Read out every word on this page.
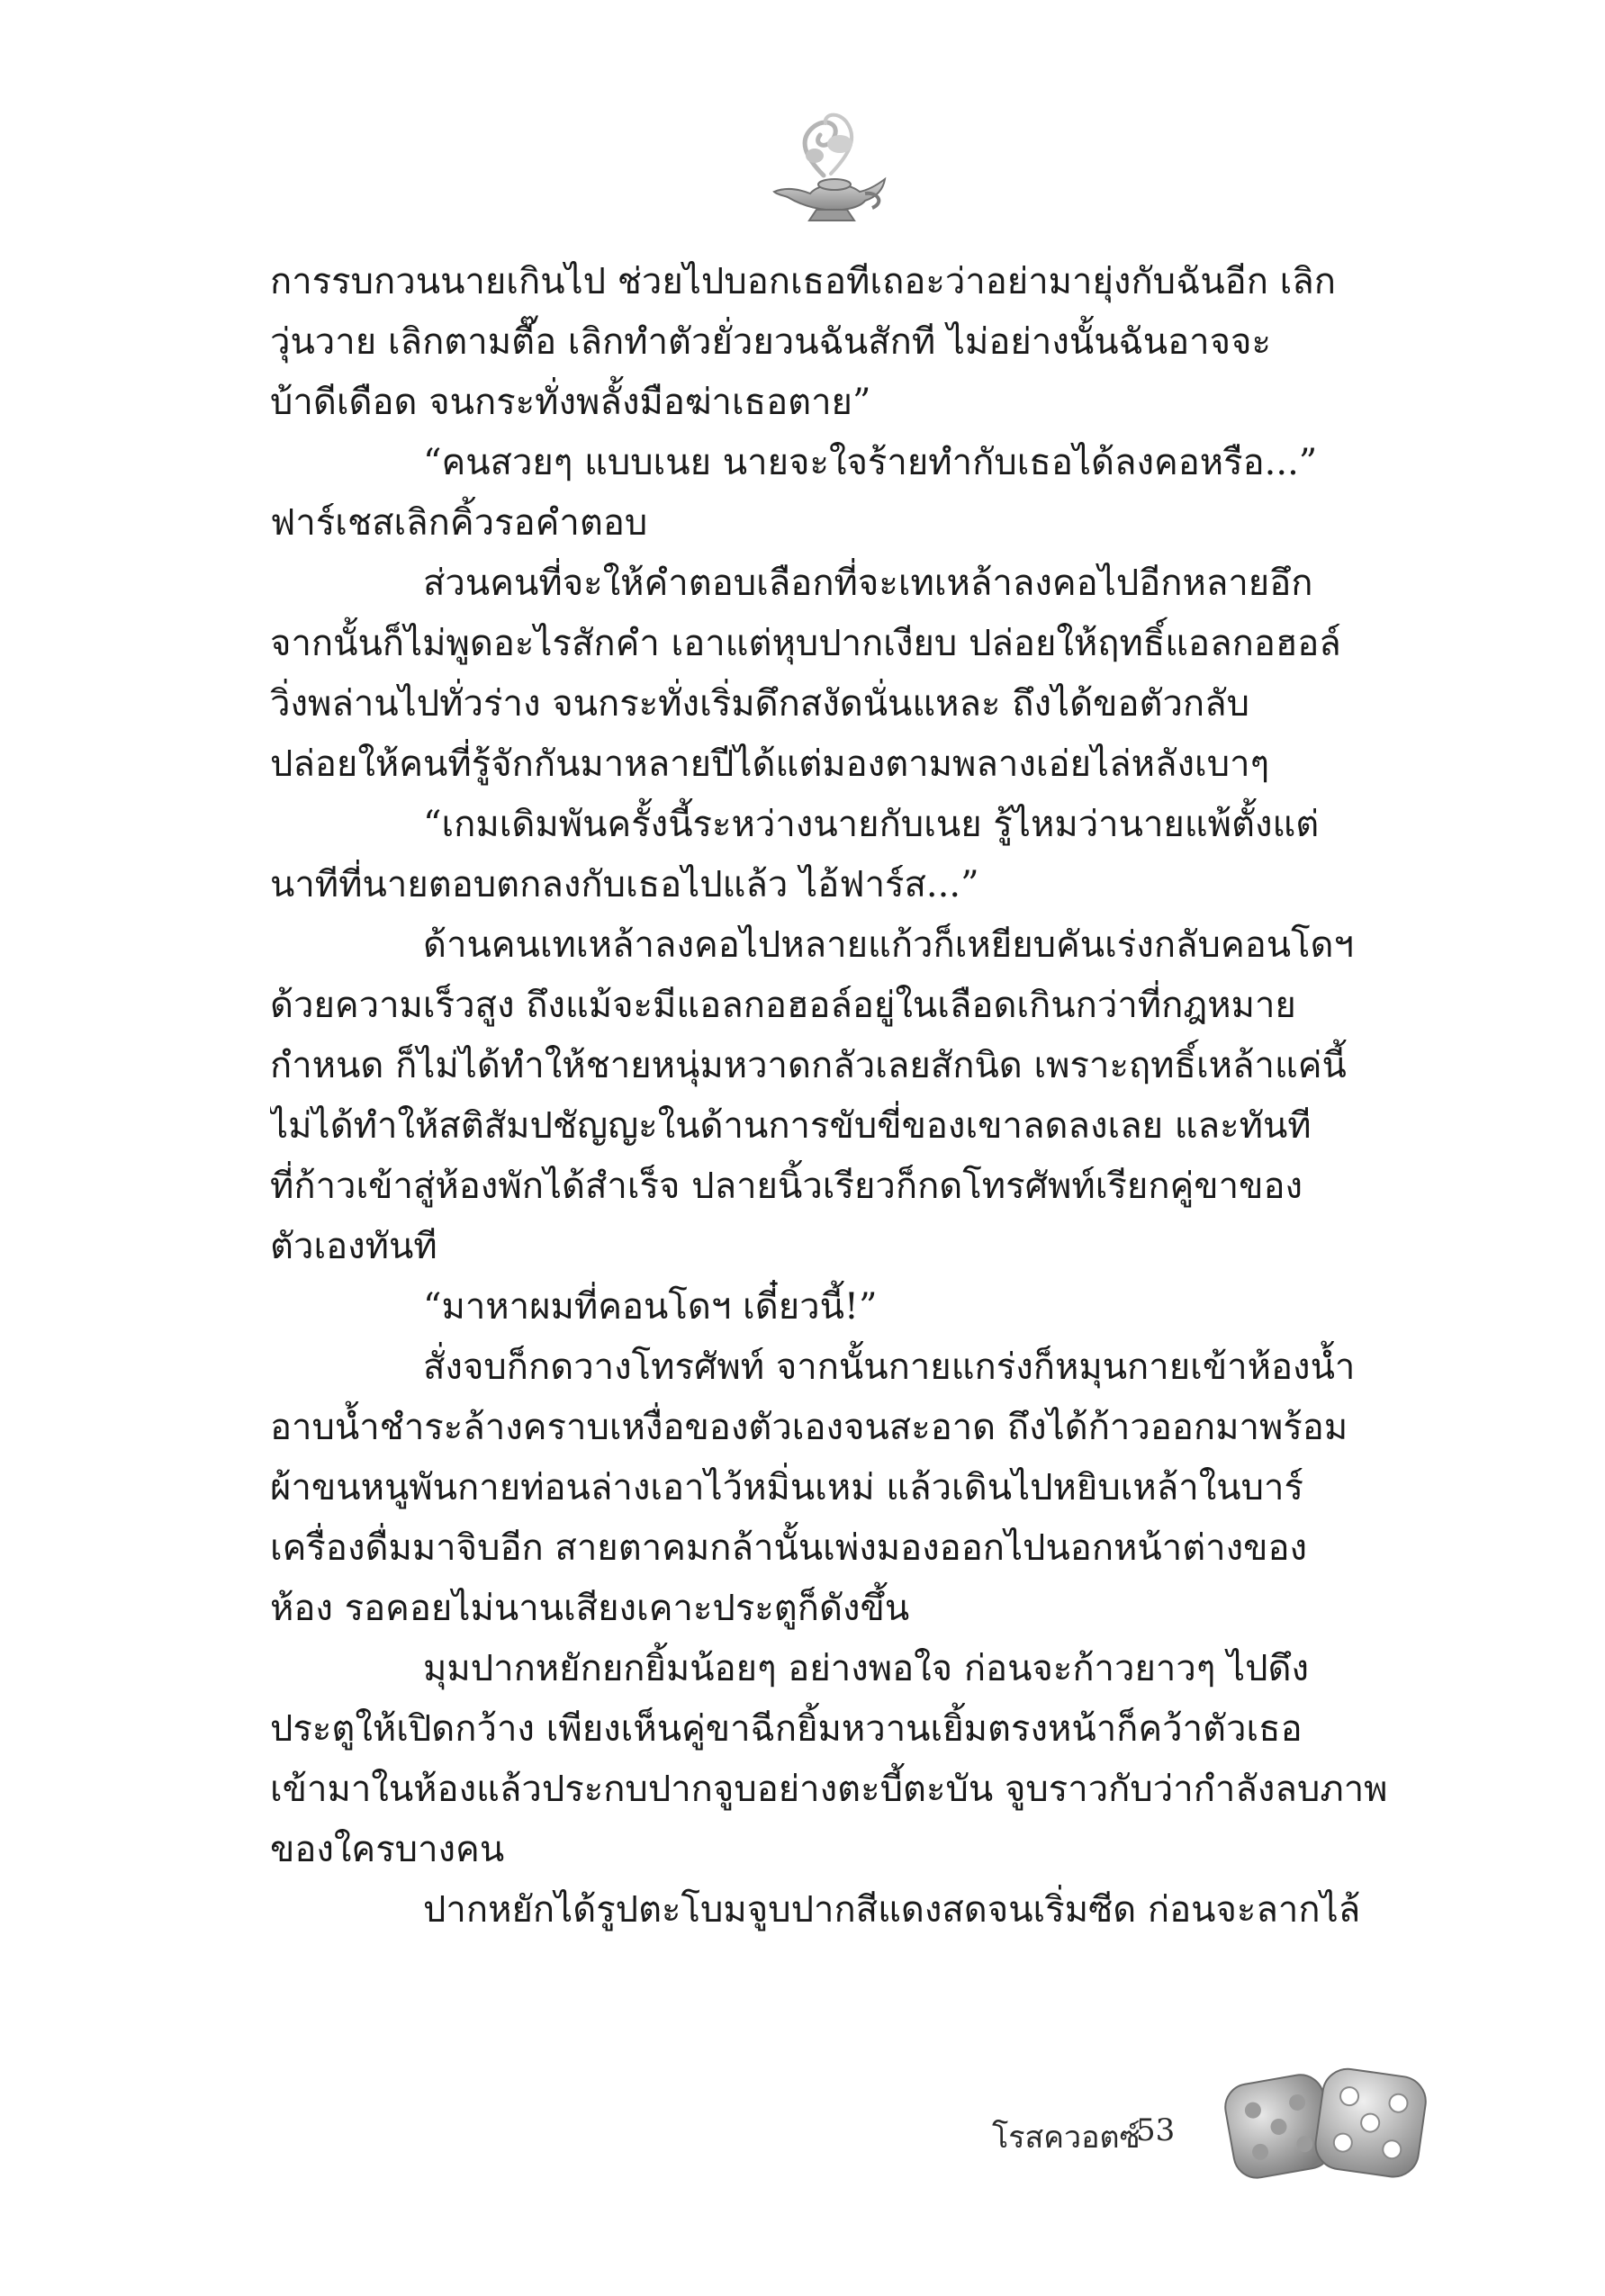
การรบกวนนายเกินไป ช่วยไปบอกเธอทีเถอะว่าอย่ามายุ่งกับฉันอีก เลิก
วุ่นวาย เลิกตามตื๊อ เลิกทำตัวยั่วยวนฉันสักที ไม่อย่างนั้นฉันอาจจะ
บ้าดีเดือด จนกระทั่งพลั้งมือฆ่าเธอตาย”
“คนสวยๆ แบบเนย นายจะใจร้ายทำกับเธอได้ลงคอหรือ...”
ฟาร์เชสเลิกคิ้วรอคำตอบ
ส่วนคนที่จะให้คำตอบเลือกที่จะเทเหล้าลงคอไปอีกหลายอึก
จากนั้นก็ไม่พูดอะไรสักคำ เอาแต่หุบปากเงียบ ปล่อยให้ฤทธิ์แอลกอฮอล์
วิ่งพล่านไปทั่วร่าง จนกระทั่งเริ่มดึกสงัดนั่นแหละ ถึงได้ขอตัวกลับ
ปล่อยให้คนที่รู้จักกันมาหลายปีได้แต่มองตามพลางเอ่ยไล่หลังเบาๆ
“เกมเดิมพันครั้งนี้ระหว่างนายกับเนย รู้ไหมว่านายแพ้ตั้งแต่
นาทีที่นายตอบตกลงกับเธอไปแล้ว ไอ้ฟาร์ส...”
ด้านคนเทเหล้าลงคอไปหลายแก้วก็เหยียบคันเร่งกลับคอนโดฯ
ด้วยความเร็วสูง ถึงแม้จะมีแอลกอฮอล์อยู่ในเลือดเกินกว่าที่กฎหมาย
กำหนด ก็ไม่ได้ทำให้ชายหนุ่มหวาดกลัวเลยสักนิด เพราะฤทธิ์เหล้าแค่นี้
ไม่ได้ทำให้สติสัมปชัญญะในด้านการขับขี่ของเขาลดลงเลย และทันที
ที่ก้าวเข้าสู่ห้องพักได้สำเร็จ ปลายนิ้วเรียวก็กดโทรศัพท์เรียกคู่ขาของ
ตัวเองทันที
“มาหาผมที่คอนโดฯ เดี๋ยวนี้!”
สั่งจบก็กดวางโทรศัพท์ จากนั้นกายแกร่งก็หมุนกายเข้าห้องน้ำ
อาบน้ำชำระล้างคราบเหงื่อของตัวเองจนสะอาด ถึงได้ก้าวออกมาพร้อม
ผ้าขนหนูพันกายท่อนล่างเอาไว้หมิ่นเหม่ แล้วเดินไปหยิบเหล้าในบาร์
เครื่องดื่มมาจิบอีก สายตาคมกล้านั้นเพ่งมองออกไปนอกหน้าต่างของ
ห้อง รอคอยไม่นานเสียงเคาะประตูก็ดังขึ้น
มุมปากหยักยกยิ้มน้อยๆ อย่างพอใจ ก่อนจะก้าวยาวๆ ไปดึง
ประตูให้เปิดกว้าง เพียงเห็นคู่ขาฉีกยิ้มหวานเยิ้มตรงหน้าก็คว้าตัวเธอ
เข้ามาในห้องแล้วประกบปากจูบอย่างตะบี้ตะบัน จูบราวกับว่ากำลังลบภาพ
ของใครบางคน
ปากหยักได้รูปตะโบมจูบปากสีแดงสดจนเริ่มซีด ก่อนจะลากไล้
โรสควอตซ์
53
